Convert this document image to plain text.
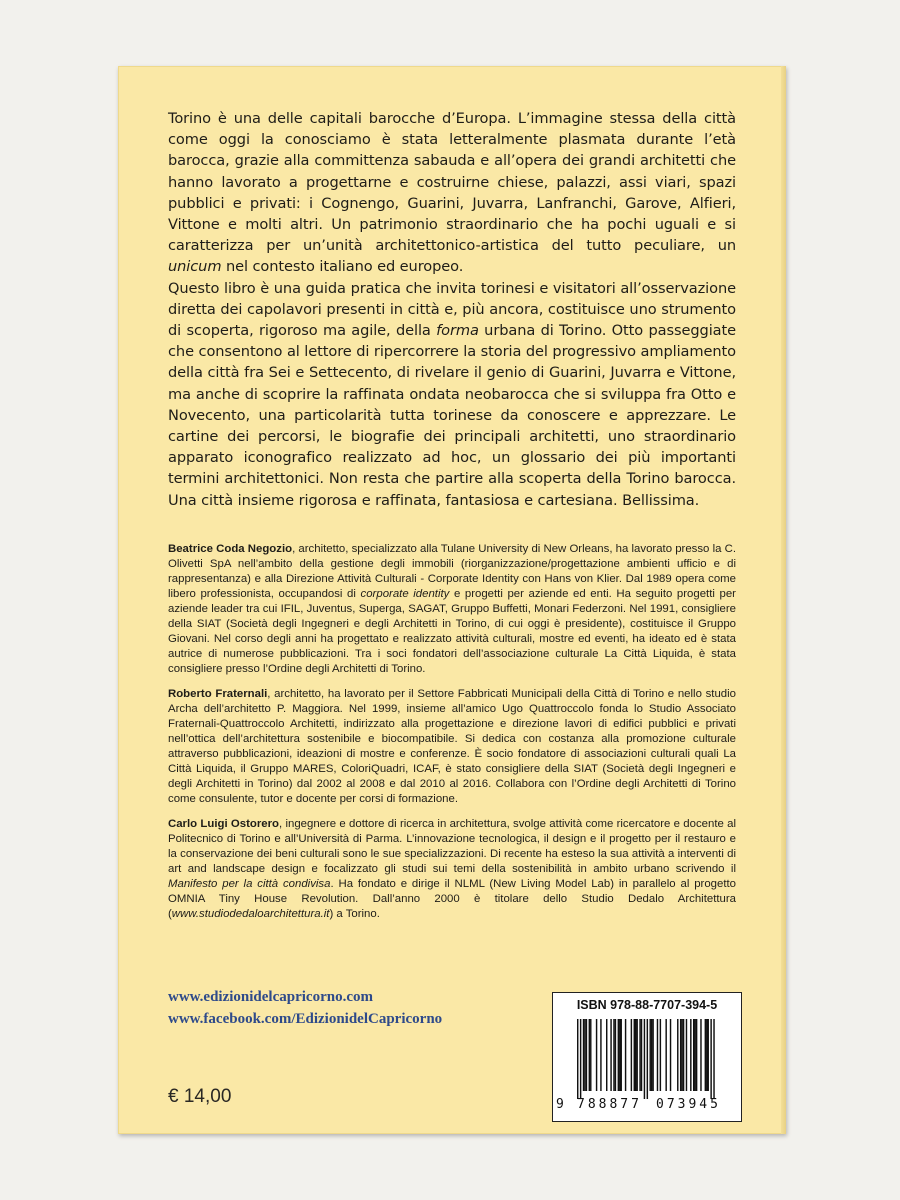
Torino è una delle capitali barocche d’Europa. L’immagine stessa della città come oggi la conosciamo è stata letteralmente plasmata durante l’età barocca, grazie alla committenza sabauda e all’opera dei grandi architetti che hanno lavorato a progettarne e costruirne chiese, palazzi, assi viari, spazi pubblici e privati: i Cognengo, Guarini, Juvarra, Lanfranchi, Garove, Alfieri, Vittone e molti altri. Un patrimonio straordinario che ha pochi uguali e si caratterizza per un’unità architettonico-artistica del tutto peculiare, un unicum nel contesto italiano ed europeo.

Questo libro è una guida pratica che invita torinesi e visitatori all’osservazione diretta dei capolavori presenti in città e, più ancora, costituisce uno strumento di scoperta, rigoroso ma agile, della forma urbana di Torino. Otto passeggiate che consentono al lettore di ripercorrere la storia del progressivo ampliamento della città fra Sei e Settecento, di rivelare il genio di Guarini, Juvarra e Vittone, ma anche di scoprire la raffinata ondata neobarocca che si sviluppa fra Otto e Novecento, una particolarità tutta torinese da conoscere e apprezzare. Le cartine dei percorsi, le biografie dei principali architetti, uno straordinario apparato iconografico realizzato ad hoc, un glossario dei più importanti termini architettonici. Non resta che partire alla scoperta della Torino barocca. Una città insieme rigorosa e raffinata, fantasiosa e cartesiana. Bellissima.

Beatrice Coda Negozio, architetto, specializzato alla Tulane University di New Orleans, ha lavorato presso la C. Olivetti SpA nell’ambito della gestione degli immobili (riorganizzazione/progettazione ambienti ufficio e di rappresentanza) e alla Direzione Attività Culturali - Corporate Identity con Hans von Klier. Dal 1989 opera come libero professionista, occupandosi di corporate identity e progetti per aziende ed enti. Ha seguito progetti per aziende leader tra cui IFIL, Juventus, Superga, SAGAT, Gruppo Buffetti, Monari Federzoni. Nel 1991, consigliere della SIAT (Società degli Ingegneri e degli Architetti in Torino, di cui oggi è presidente), costituisce il Gruppo Giovani. Nel corso degli anni ha progettato e realizzato attività culturali, mostre ed eventi, ha ideato ed è stata autrice di numerose pubblicazioni. Tra i soci fondatori dell’associazione culturale La Città Liquida, è stata consigliere presso l’Ordine degli Architetti di Torino.

Roberto Fraternali, architetto, ha lavorato per il Settore Fabbricati Municipali della Città di Torino e nello studio Archa dell’architetto P. Maggiora. Nel 1999, insieme all’amico Ugo Quattroccolo fonda lo Studio Associato Fraternali-Quattroccolo Architetti, indirizzato alla progettazione e direzione lavori di edifici pubblici e privati nell’ottica dell’architettura sostenibile e biocompatibile. Si dedica con costanza alla promozione culturale attraverso pubblicazioni, ideazioni di mostre e conferenze. È socio fondatore di associazioni culturali quali La Città Liquida, il Gruppo MARES, ColoriQuadri, ICAF, è stato consigliere della SIAT (Società degli Ingegneri e degli Architetti in Torino) dal 2002 al 2008 e dal 2010 al 2016. Collabora con l’Ordine degli Architetti di Torino come consulente, tutor e docente per corsi di formazione.

Carlo Luigi Ostorero, ingegnere e dottore di ricerca in architettura, svolge attività come ricercatore e docente al Politecnico di Torino e all’Università di Parma. L’innovazione tecnologica, il design e il progetto per il restauro e la conservazione dei beni culturali sono le sue specializzazioni. Di recente ha esteso la sua attività a interventi di art and landscape design e focalizzato gli studi sui temi della sostenibilità in ambito urbano scrivendo il Manifesto per la città condivisa. Ha fondato e dirige il NLML (New Living Model Lab) in parallelo al progetto OMNIA Tiny House Revolution. Dall’anno 2000 è titolare dello Studio Dedalo Architettura (www.studiodedaloarchitettura.it) a Torino.

www.edizionidelcapricorno.com
www.facebook.com/EdizionidelCapricorno
€ 14,00
ISBN 978-88-7707-394-5
9 788877 073945
